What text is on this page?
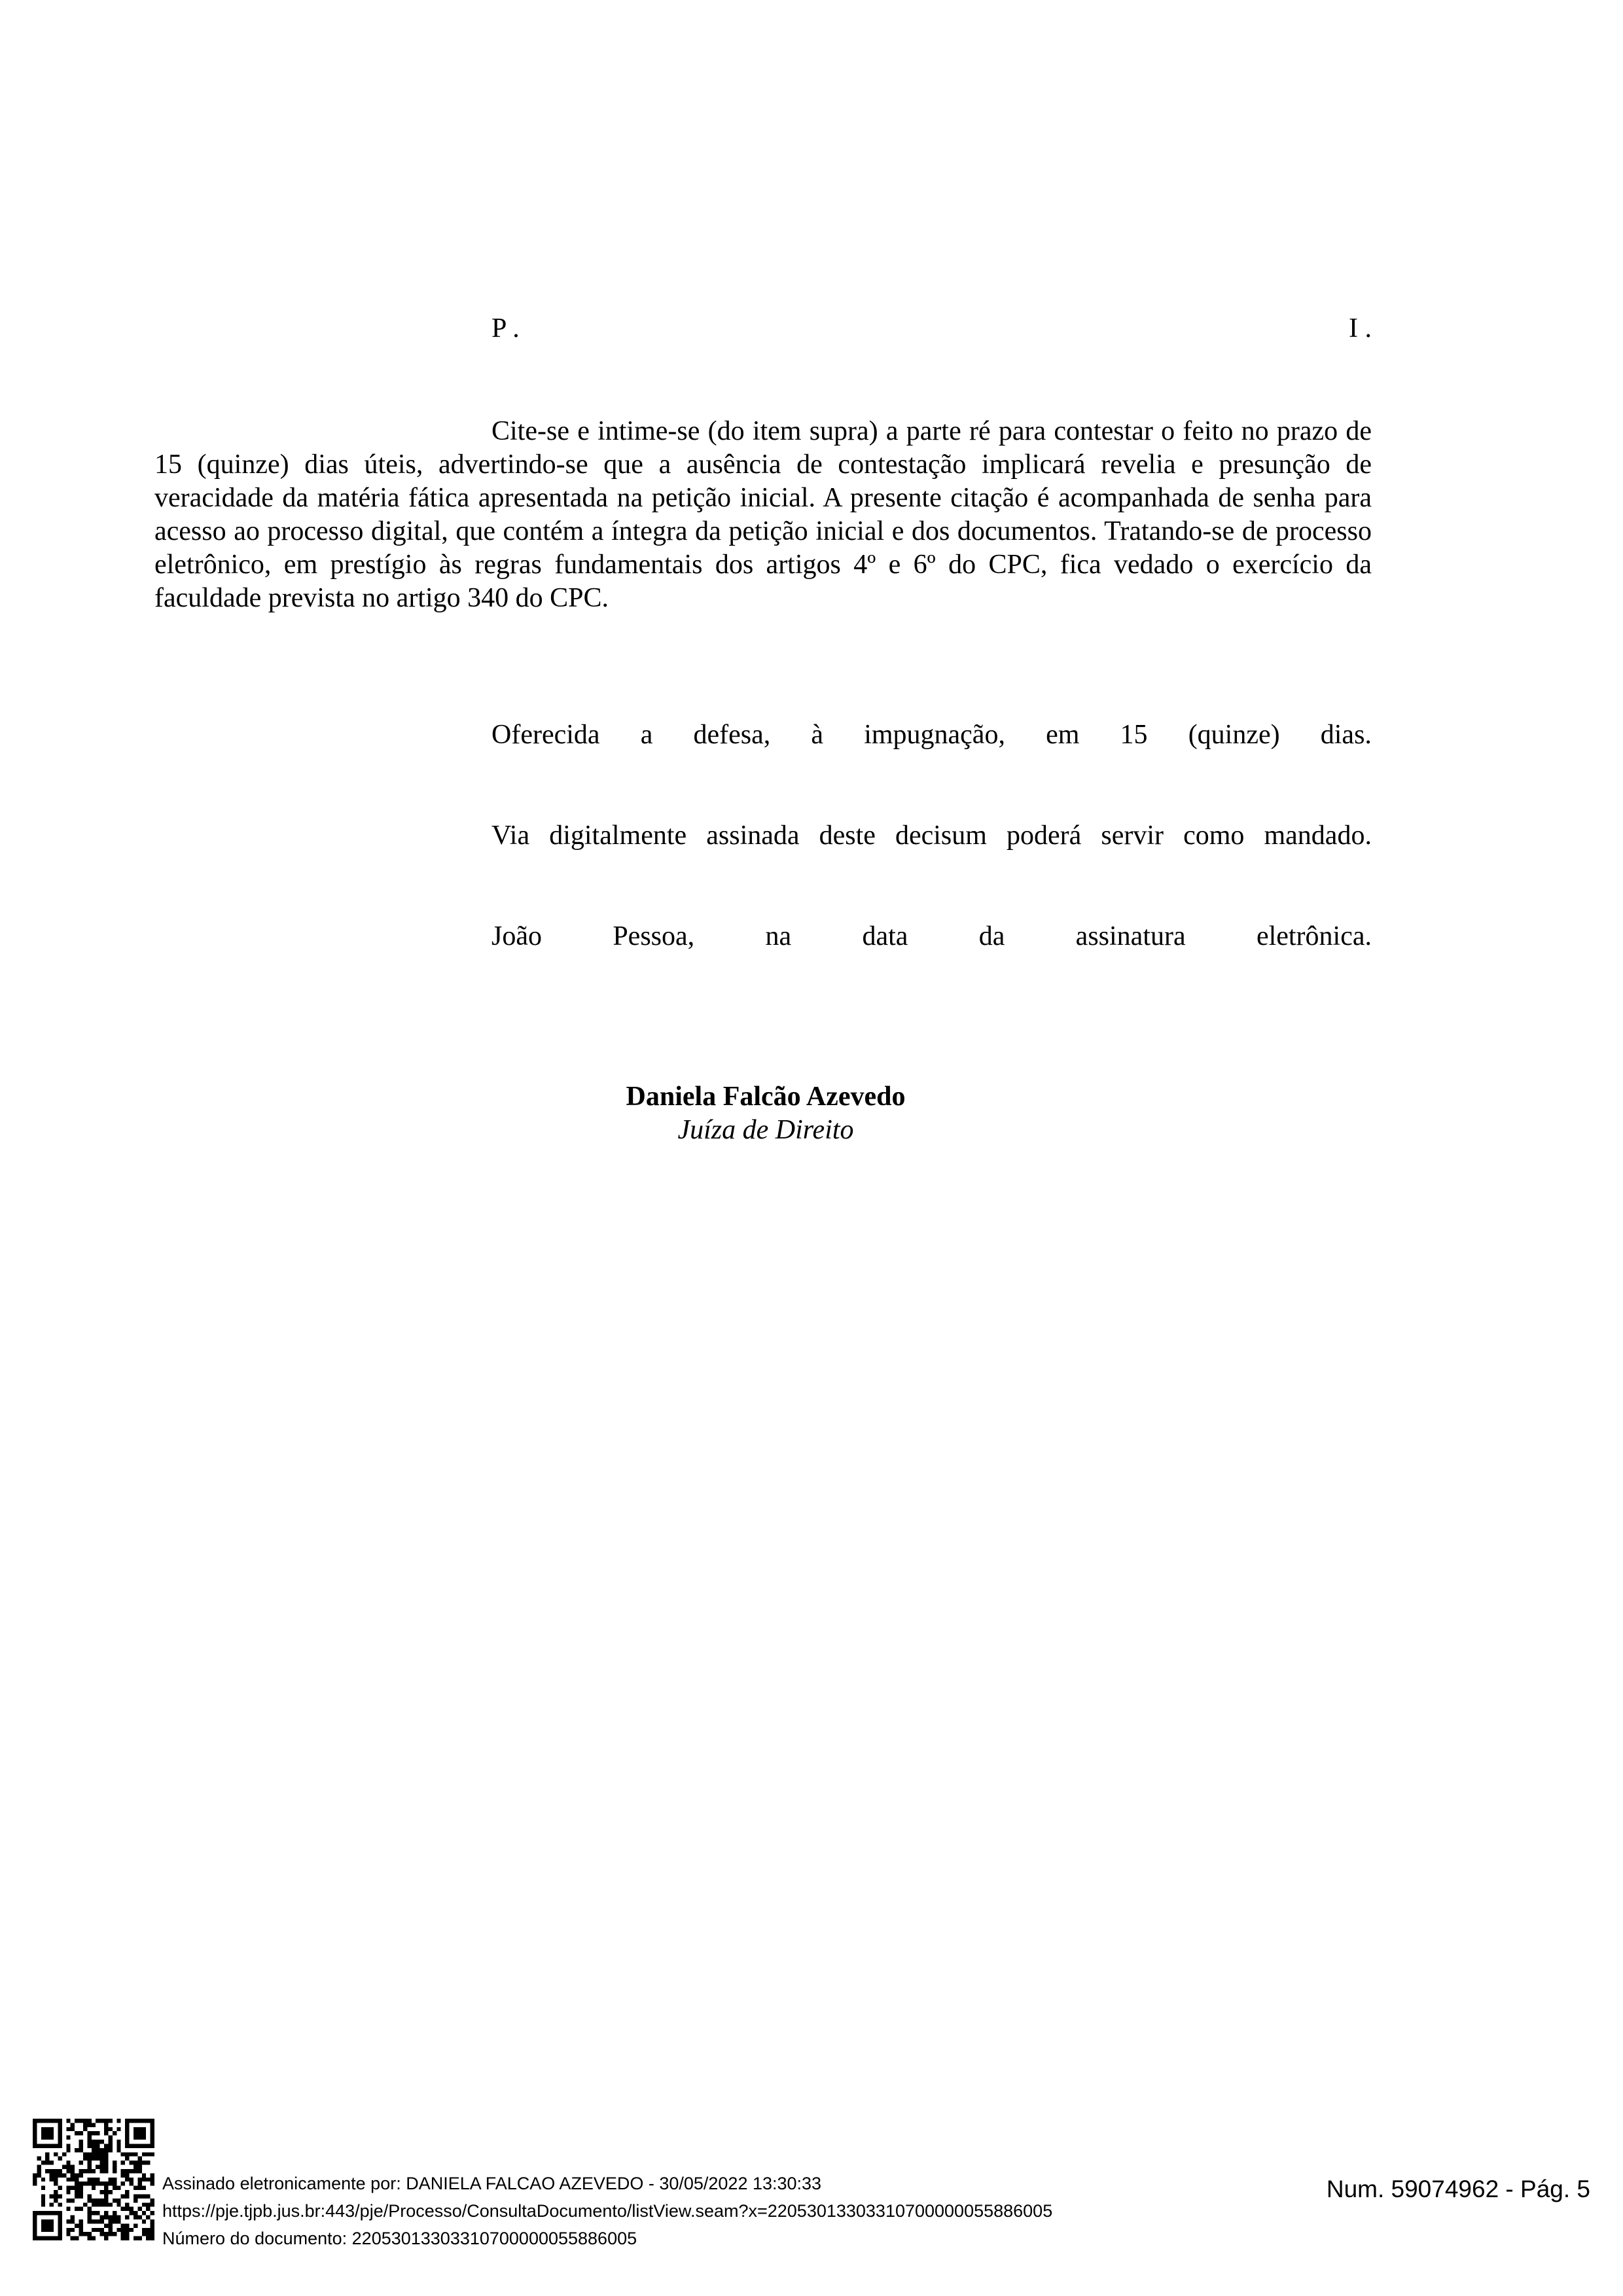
P .	I .

Cite-se e intime-se (do item supra) a parte ré para contestar o feito no prazo de 15 (quinze) dias úteis, advertindo-se que a ausência de contestação implicará revelia e presunção de veracidade da matéria fática apresentada na petição inicial. A presente citação é acompanhada de senha para acesso ao processo digital, que contém a íntegra da petição inicial e dos documentos. Tratando-se de processo eletrônico, em prestígio às regras fundamentais dos artigos 4º e 6º do CPC, fica vedado o exercício da faculdade prevista no artigo 340 do CPC.

Oferecida a defesa, à impugnação, em 15 (quinze) dias.
Via digitalmente assinada deste decisum poderá servir como mandado.
João	Pessoa,	na	data	da	assinatura	eletrônica.
Daniela Falcão Azevedo
Juíza de Direito
Assinado eletronicamente por: DANIELA FALCAO AZEVEDO - 30/05/2022 13:30:33
https://pje.tjpb.jus.br:443/pje/Processo/ConsultaDocumento/listView.seam?x=22053013303310700000055886005
Número do documento: 22053013303310700000055886005
Num. 59074962 - Pág. 5
